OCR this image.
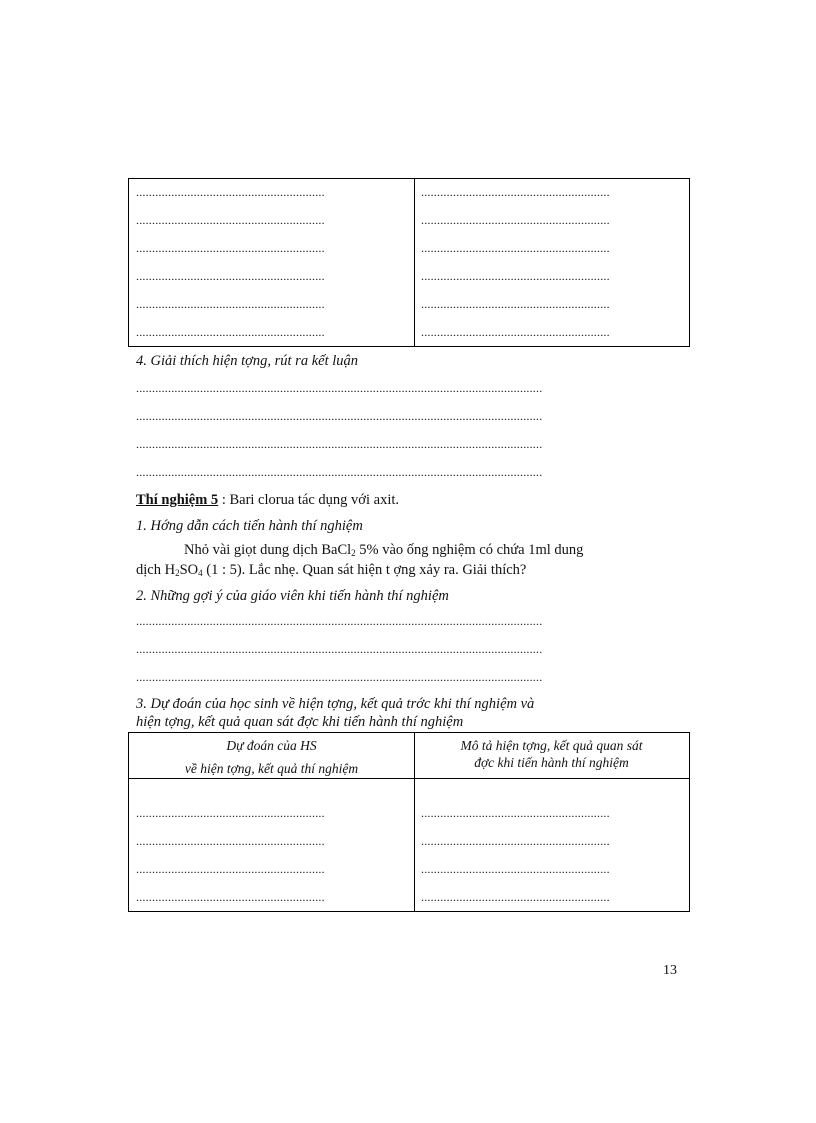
...........................................................
...........................................................
...........................................................
...........................................................
...........................................................
...........................................................
...........................................................
...........................................................
...........................................................
...........................................................
...........................................................
...........................................................
4. Giải thích hiện tợng, rút ra kết luận
...............................................................................................................................
...............................................................................................................................
...............................................................................................................................
...............................................................................................................................
Thí nghiệm 5 : Bari clorua tác dụng với axit.
1. Hớng dẫn cách tiến hành thí nghiệm
Nhỏ vài giọt dung dịch BaCl$_2$ 5% vào ống nghiệm có chứa 1ml dung
dịch $H_2SO_4$ (1 : 5). Lắc nhẹ. Quan sát hiện t ợng xảy ra. Giải thích?
2. Những gợi ý của giáo viên khi tiến hành thí nghiệm
...............................................................................................................................
...............................................................................................................................
...............................................................................................................................
3. Dự đoán của học sinh về hiện tợng, kết quả trớc khi thí nghiệm và
hiện tợng, kết quả quan sát đợc khi tiến hành thí nghiệm
Dự đoán của HS
về hiện tợng, kết quả thí nghiệm
Mô tả hiện tợng, kết quả quan sát
đợc khi tiến hành thí nghiệm
...........................................................
...........................................................
...........................................................
...........................................................
...........................................................
...........................................................
...........................................................
...........................................................
13
